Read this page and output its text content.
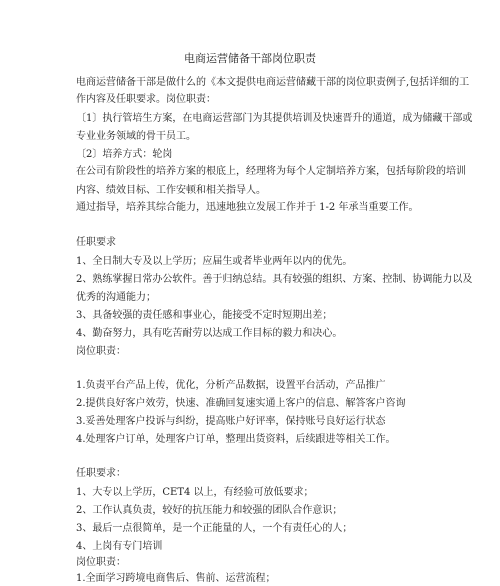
电商运营储备干部岗位职责
电商运营储备干部是做什么的《本文提供电商运营储藏干部的岗位职责例子,包括详细的工
作内容及任职要求。岗位职责：
〔1〕执行管培生方案，在电商运营部门为其提供培训及快速晋升的通道，成为储藏干部或
专业业务领域的骨干员工。
〔2〕培养方式：轮岗
在公司有阶段性的培养方案的根底上，经理将为每个人定制培养方案，包括每阶段的培训
内容、绩效目标、工作安顿和相关指导人。
通过指导，培养其综合能力，迅速地独立发展工作并于 1-2 年承当重要工作。
任职要求
1、全日制大专及以上学历；应届生或者毕业两年以内的优先。
2、熟练掌握日常办公软件。善于归纳总结。具有较强的组织、方案、控制、协调能力以及
优秀的沟通能力；
3、具备较强的责任感和事业心，能接受不定时短期出差；
4、勤奋努力，具有吃苦耐劳以达成工作目标的毅力和决心。
岗位职责：
1.负责平台产品上传，优化，分析产品数据，设置平台活动，产品推广
2.提供良好客户效劳，快速、准确回复速实通上客户的信息、解答客户咨询
3.妥善处理客户投诉与纠纷，提高账户好评率，保持账号良好运行状态
4.处理客户订单，处理客户订单，整理出货资料，后续跟进等相关工作。
任职要求：
1、大专以上学历，CET4 以上，有经验可放低要求；
2、工作认真负责，较好的抗压能力和较强的团队合作意识；
3、最后一点很简单，是一个正能量的人，一个有责任心的人；
4、上岗有专门培训
岗位职责：
1.全面学习跨境电商售后、售前、运营流程；
